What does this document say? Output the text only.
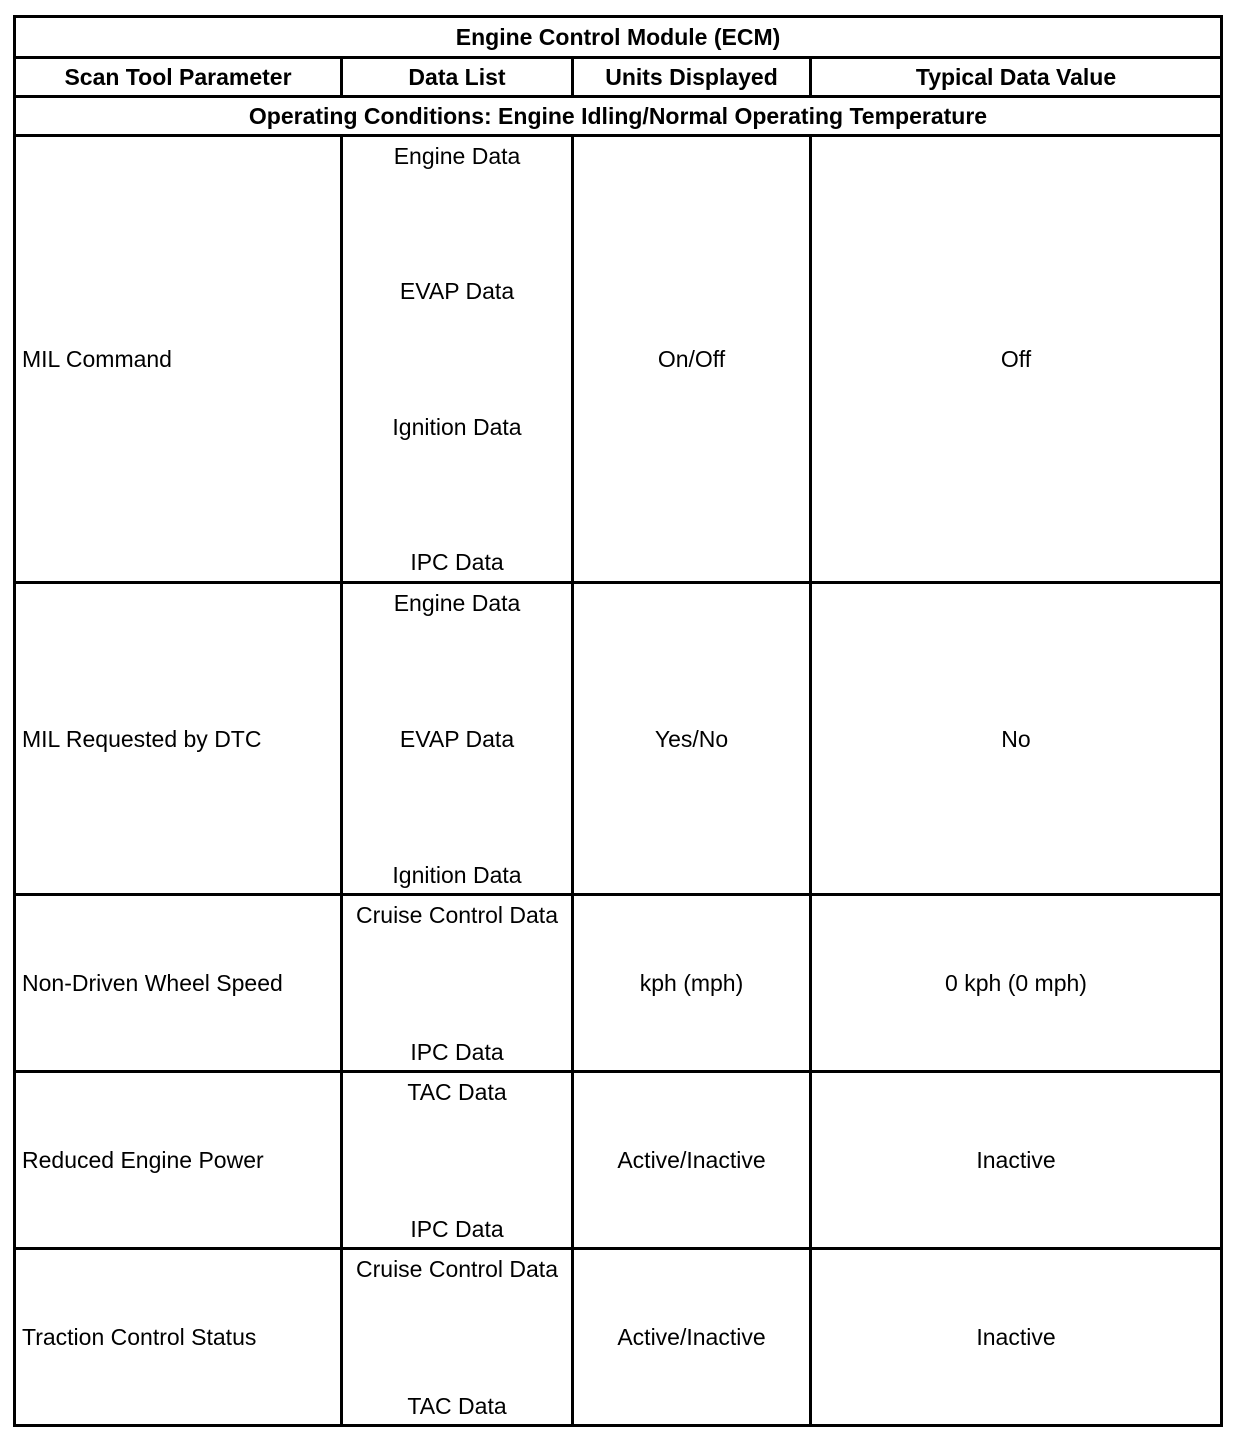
Engine Control Module (ECM)			
Scan Tool Parameter	Data List	Units Displayed	Typical Data Value
Operating Conditions: Engine Idling/Normal Operating Temperature			
MIL Command	Engine Data
EVAP Data
Ignition Data
IPC Data	On/Off	Off
MIL Requested by DTC	Engine Data
EVAP Data
Ignition Data	Yes/No	No
Non-Driven Wheel Speed	Cruise Control Data
IPC Data	kph (mph)	0 kph (0 mph)
Reduced Engine Power	TAC Data
IPC Data	Active/Inactive	Inactive
Traction Control Status	Cruise Control Data
TAC Data	Active/Inactive	Inactive
